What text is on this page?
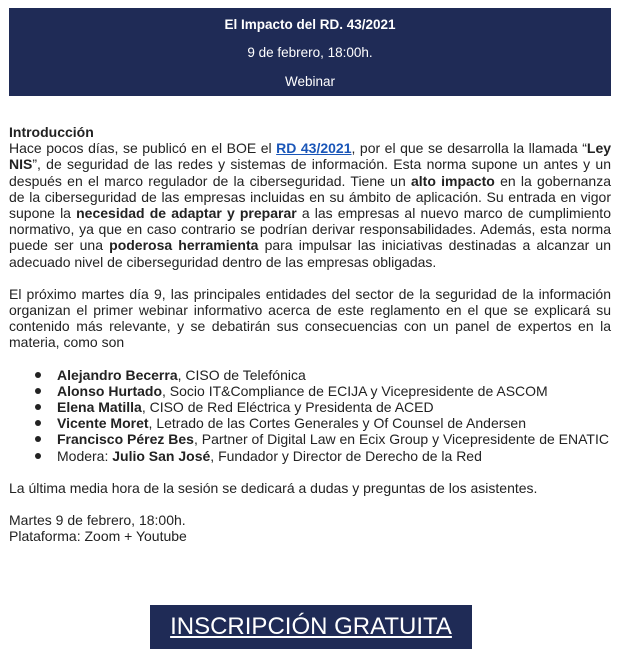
El Impacto del RD. 43/2021
9 de febrero, 18:00h.
Webinar

Introducción
Hace pocos días, se publicó en el BOE el RD 43/2021, por el que se desarrolla la llamada “Ley NIS”, de seguridad de las redes y sistemas de información. Esta norma supone un antes y un después en el marco regulador de la ciberseguridad. Tiene un alto impacto en la gobernanza de la ciberseguridad de las empresas incluidas en su ámbito de aplicación. Su entrada en vigor supone la necesidad de adaptar y preparar a las empresas al nuevo marco de cumplimiento normativo, ya que en caso contrario se podrían derivar responsabilidades. Además, esta norma puede ser una poderosa herramienta para impulsar las iniciativas destinadas a alcanzar un adecuado nivel de ciberseguridad dentro de las empresas obligadas.

El próximo martes día 9, las principales entidades del sector de la seguridad de la información organizan el primer webinar informativo acerca de este reglamento en el que se explicará su contenido más relevante, y se debatirán sus consecuencias con un panel de expertos en la materia, como son

Alejandro Becerra, CISO de Telefónica
Alonso Hurtado, Socio IT&Compliance de ECIJA y Vicepresidente de ASCOM
Elena Matilla, CISO de Red Eléctrica y Presidenta de ACED
Vicente Moret, Letrado de las Cortes Generales y Of Counsel de Andersen
Francisco Pérez Bes, Partner of Digital Law en Ecix Group y Vicepresidente de ENATIC
Modera: Julio San José, Fundador y Director de Derecho de la Red

La última media hora de la sesión se dedicará a dudas y preguntas de los asistentes.

Martes 9 de febrero, 18:00h.

Plataforma: Zoom + Youtube

INSCRIPCIÓN GRATUITA
